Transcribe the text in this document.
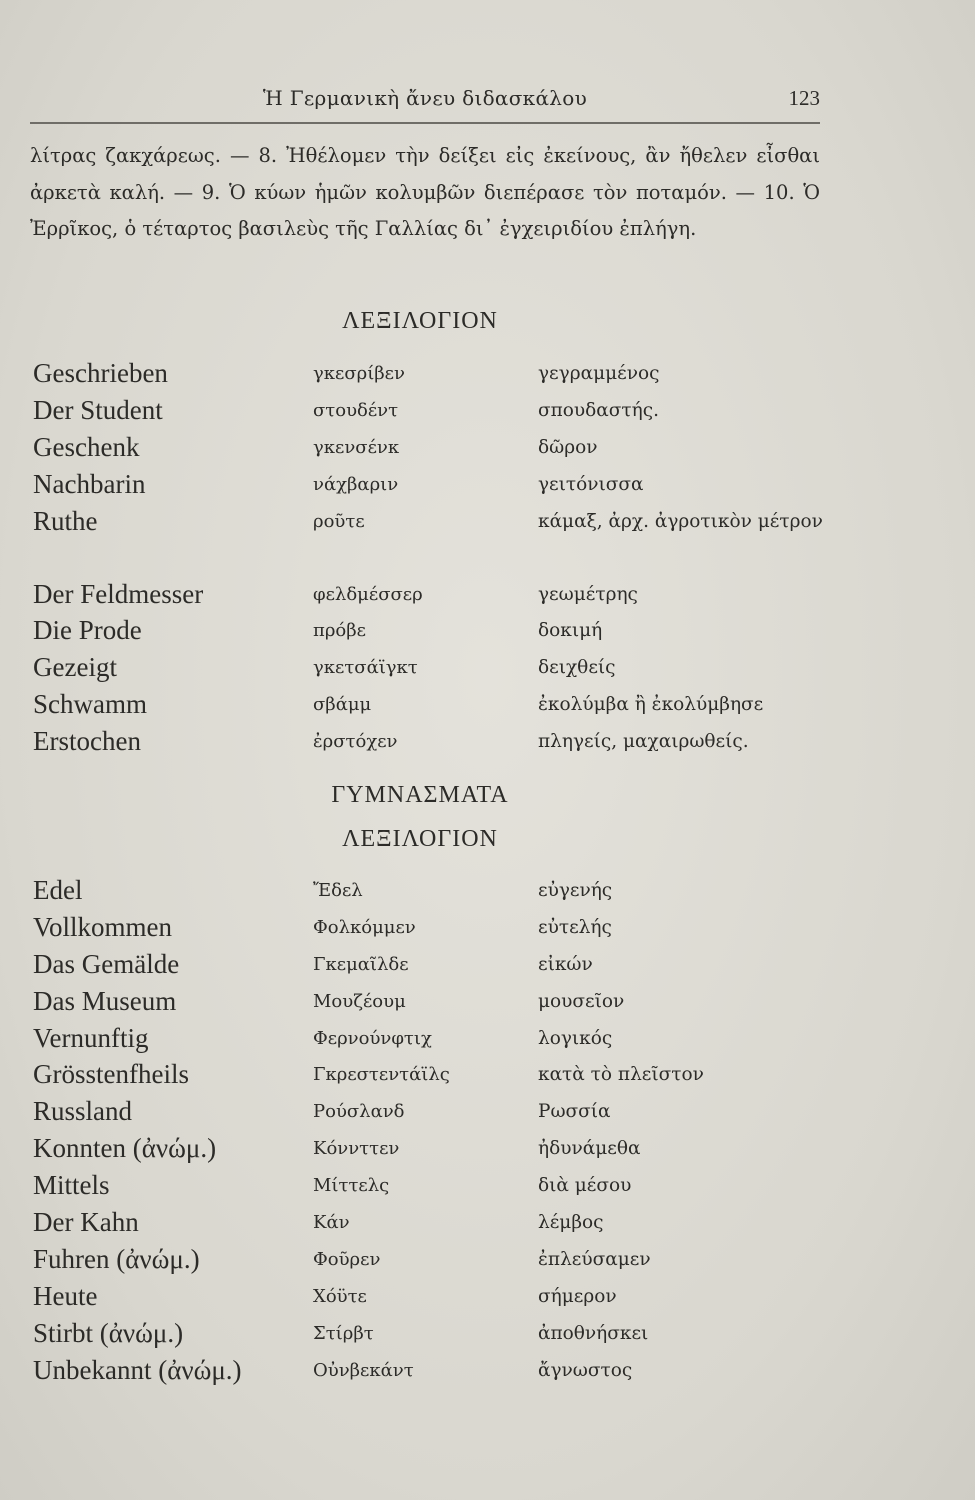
Ἡ Γερμανικὴ ἄνευ διδασκάλου	123

λίτρας ζακχάρεως. — 8. Ἠθέλομεν τὴν δείξει εἰς ἐκείνους, ἂν ἤθελεν εἶσθαι ἀρκετὰ καλή. — 9. Ὁ κύων ἡμῶν κολυμβῶν διεπέρασε τὸν ποταμόν. — 10. Ὁ Ἐρρῖκος, ὁ τέταρτος βασιλεὺς τῆς Γαλλίας δι᾽ ἐγχειριδίου ἐπλήγη.

ΛΕΞΙΛΟΓΙΟΝ
Geschrieben	γκεσρίβεν	γεγραμμένος
Der Student	στουδέντ	σπουδαστής.
Geschenk	γκενσένκ	δῶρον
Nachbarin	νάχβαριν	γειτόνισσα
Ruthe	ροῦτε	κάμαξ, ἀρχ. ἀγροτικὸν μέτρον
Der Feldmesser	φελδμέσσερ	γεωμέτρης
Die Prode	πρόβε	δοκιμή
Gezeigt	γκετσάϊγκτ	δειχθείς
Schwamm	σβάμμ	ἐκολύμβα ἢ ἐκολύμβησε
Erstochen	ἐρστόχεν	πληγείς, μαχαιρωθείς.
ΓΥΜΝΑΣΜΑΤΑ
ΛΕΞΙΛΟΓΙΟΝ
Edel	Ἔδελ	εὐγενής
Vollkommen	Φολκόμμεν	εὐτελής
Das Gemälde	Γκεμαῖλδε	εἰκών
Das Museum	Μουζέουμ	μουσεῖον
Vernunftig	Φερνούνφτιχ	λογικός
Grösstenfheils	Γκρεστεντάϊλς	κατὰ τὸ πλεῖστον
Russland	Ρούσλανδ	Ρωσσία
Konnten (ἀνώμ.)	Κόννττεν	ἠδυνάμεθα
Mittels	Μίττελς	διὰ μέσου
Der Kahn	Κάν	λέμβος
Fuhren (ἀνώμ.)	Φοῦρεν	ἐπλεύσαμεν
Heute	Χόϋτε	σήμερον
Stirbt (ἀνώμ.)	Στίρβτ	ἀποθνήσκει
Unbekannt (ἀνώμ.)	Οὐνβεκάντ	ἄγνωστος
